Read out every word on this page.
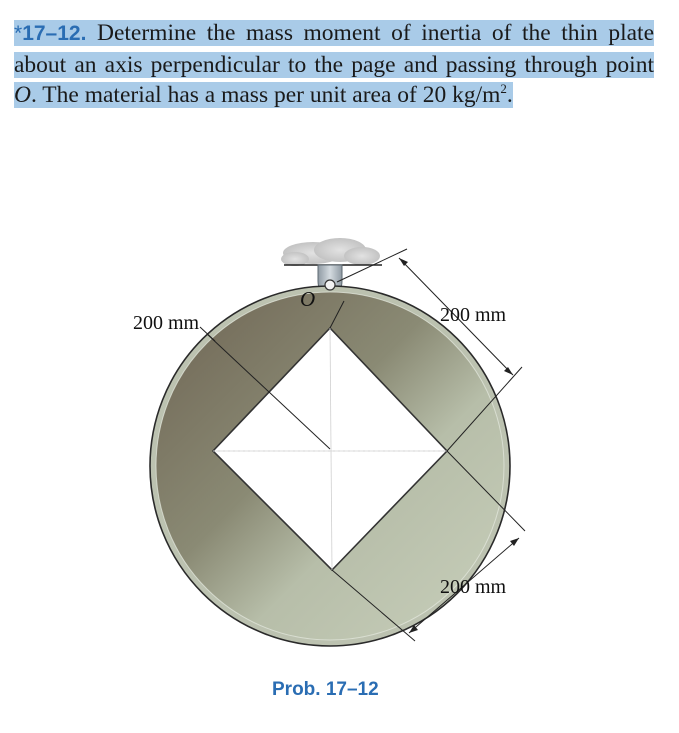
*17–12. Determine the mass moment of inertia of the thin plate about an axis perpendicular to the page and passing through point O. The material has a mass per unit area of 20 $kg/m^2$.
O
200 mm	200 mm
200 mm
Prob. 17–12
